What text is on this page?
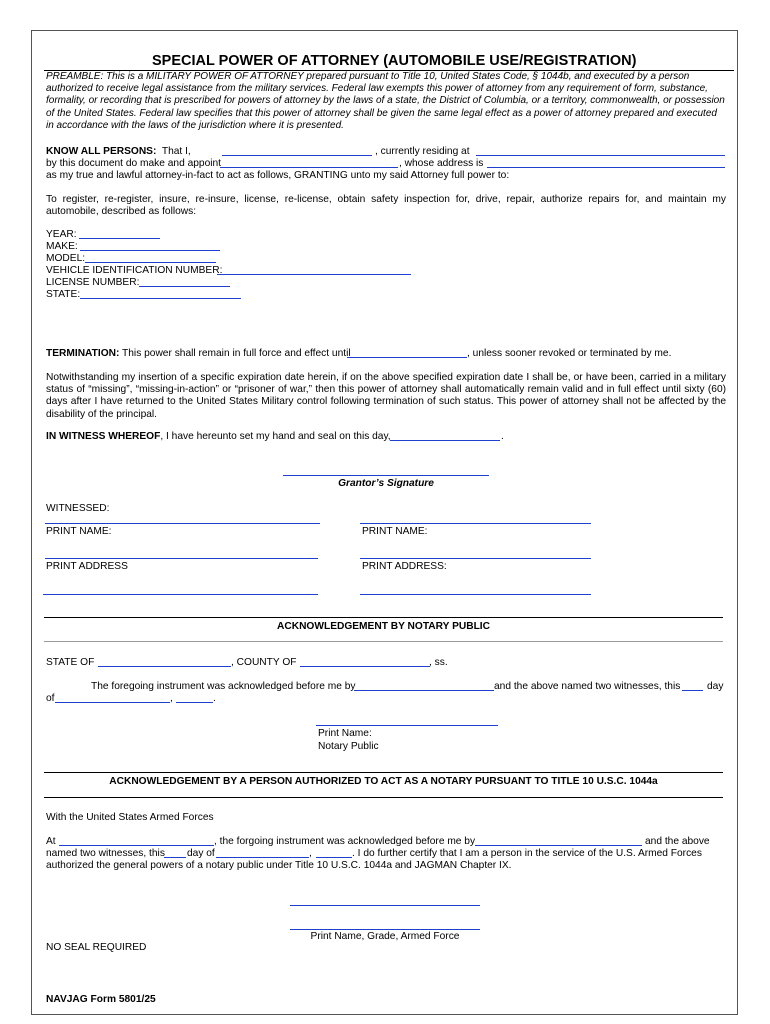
SPECIAL POWER OF ATTORNEY (AUTOMOBILE USE/REGISTRATION)
PREAMBLE: This is a MILITARY POWER OF ATTORNEY prepared pursuant to Title 10, United States Code, § 1044b, and executed by a person authorized to receive legal assistance from the military services. Federal law exempts this power of attorney from any requirement of form, substance, formality, or recording that is prescribed for powers of attorney by the laws of a state, the District of Columbia, or a territory, commonwealth, or possession of the United States. Federal law specifies that this power of attorney shall be given the same legal effect as a power of attorney prepared and executed in accordance with the laws of the jurisdiction where it is presented.
KNOW ALL PERSONS: That I,	, currently residing at
by this document do make and appoint	, whose address is
as my true and lawful attorney-in-fact to act as follows, GRANTING unto my said Attorney full power to:
To register, re-register, insure, re-insure, license, re-license, obtain safety inspection for, drive, repair, authorize repairs for, and maintain my automobile, described as follows:
YEAR:
MAKE:
MODEL:
VEHICLE IDENTIFICATION NUMBER:
LICENSE NUMBER:
STATE:
TERMINATION: This power shall remain in full force and effect until	, unless sooner revoked or terminated by me.
Notwithstanding my insertion of a specific expiration date herein, if on the above specified expiration date I shall be, or have been, carried in a military status of “missing”, “missing-in-action” or “prisoner of war,” then this power of attorney shall automatically remain valid and in full effect until sixty (60) days after I have returned to the United States Military control following termination of such status. This power of attorney shall not be affected by the disability of the principal.
IN WITNESS WHEREOF, I have hereunto set my hand and seal on this day,	.
Grantor’s Signature
WITNESSED:
PRINT NAME:	PRINT NAME:
PRINT ADDRESS	PRINT ADDRESS:
ACKNOWLEDGEMENT BY NOTARY PUBLIC
STATE OF	, COUNTY OF	, ss.
The foregoing instrument was acknowledged before me by	and the above named two witnesses, this	day
of	,	.
Print Name:
Notary Public
ACKNOWLEDGEMENT BY A PERSON AUTHORIZED TO ACT AS A NOTARY PURSUANT TO TITLE 10 U.S.C. 1044a
With the United States Armed Forces
At	, the forgoing instrument was acknowledged before me by	and the above
named two witnesses, this day of	,	. I do further certify that I am a person in the service of the U.S. Armed Forces
authorized the general powers of a notary public under Title 10 U.S.C. 1044a and JAGMAN Chapter IX.
Print Name, Grade, Armed Force
NO SEAL REQUIRED
NAVJAG Form 5801/25
